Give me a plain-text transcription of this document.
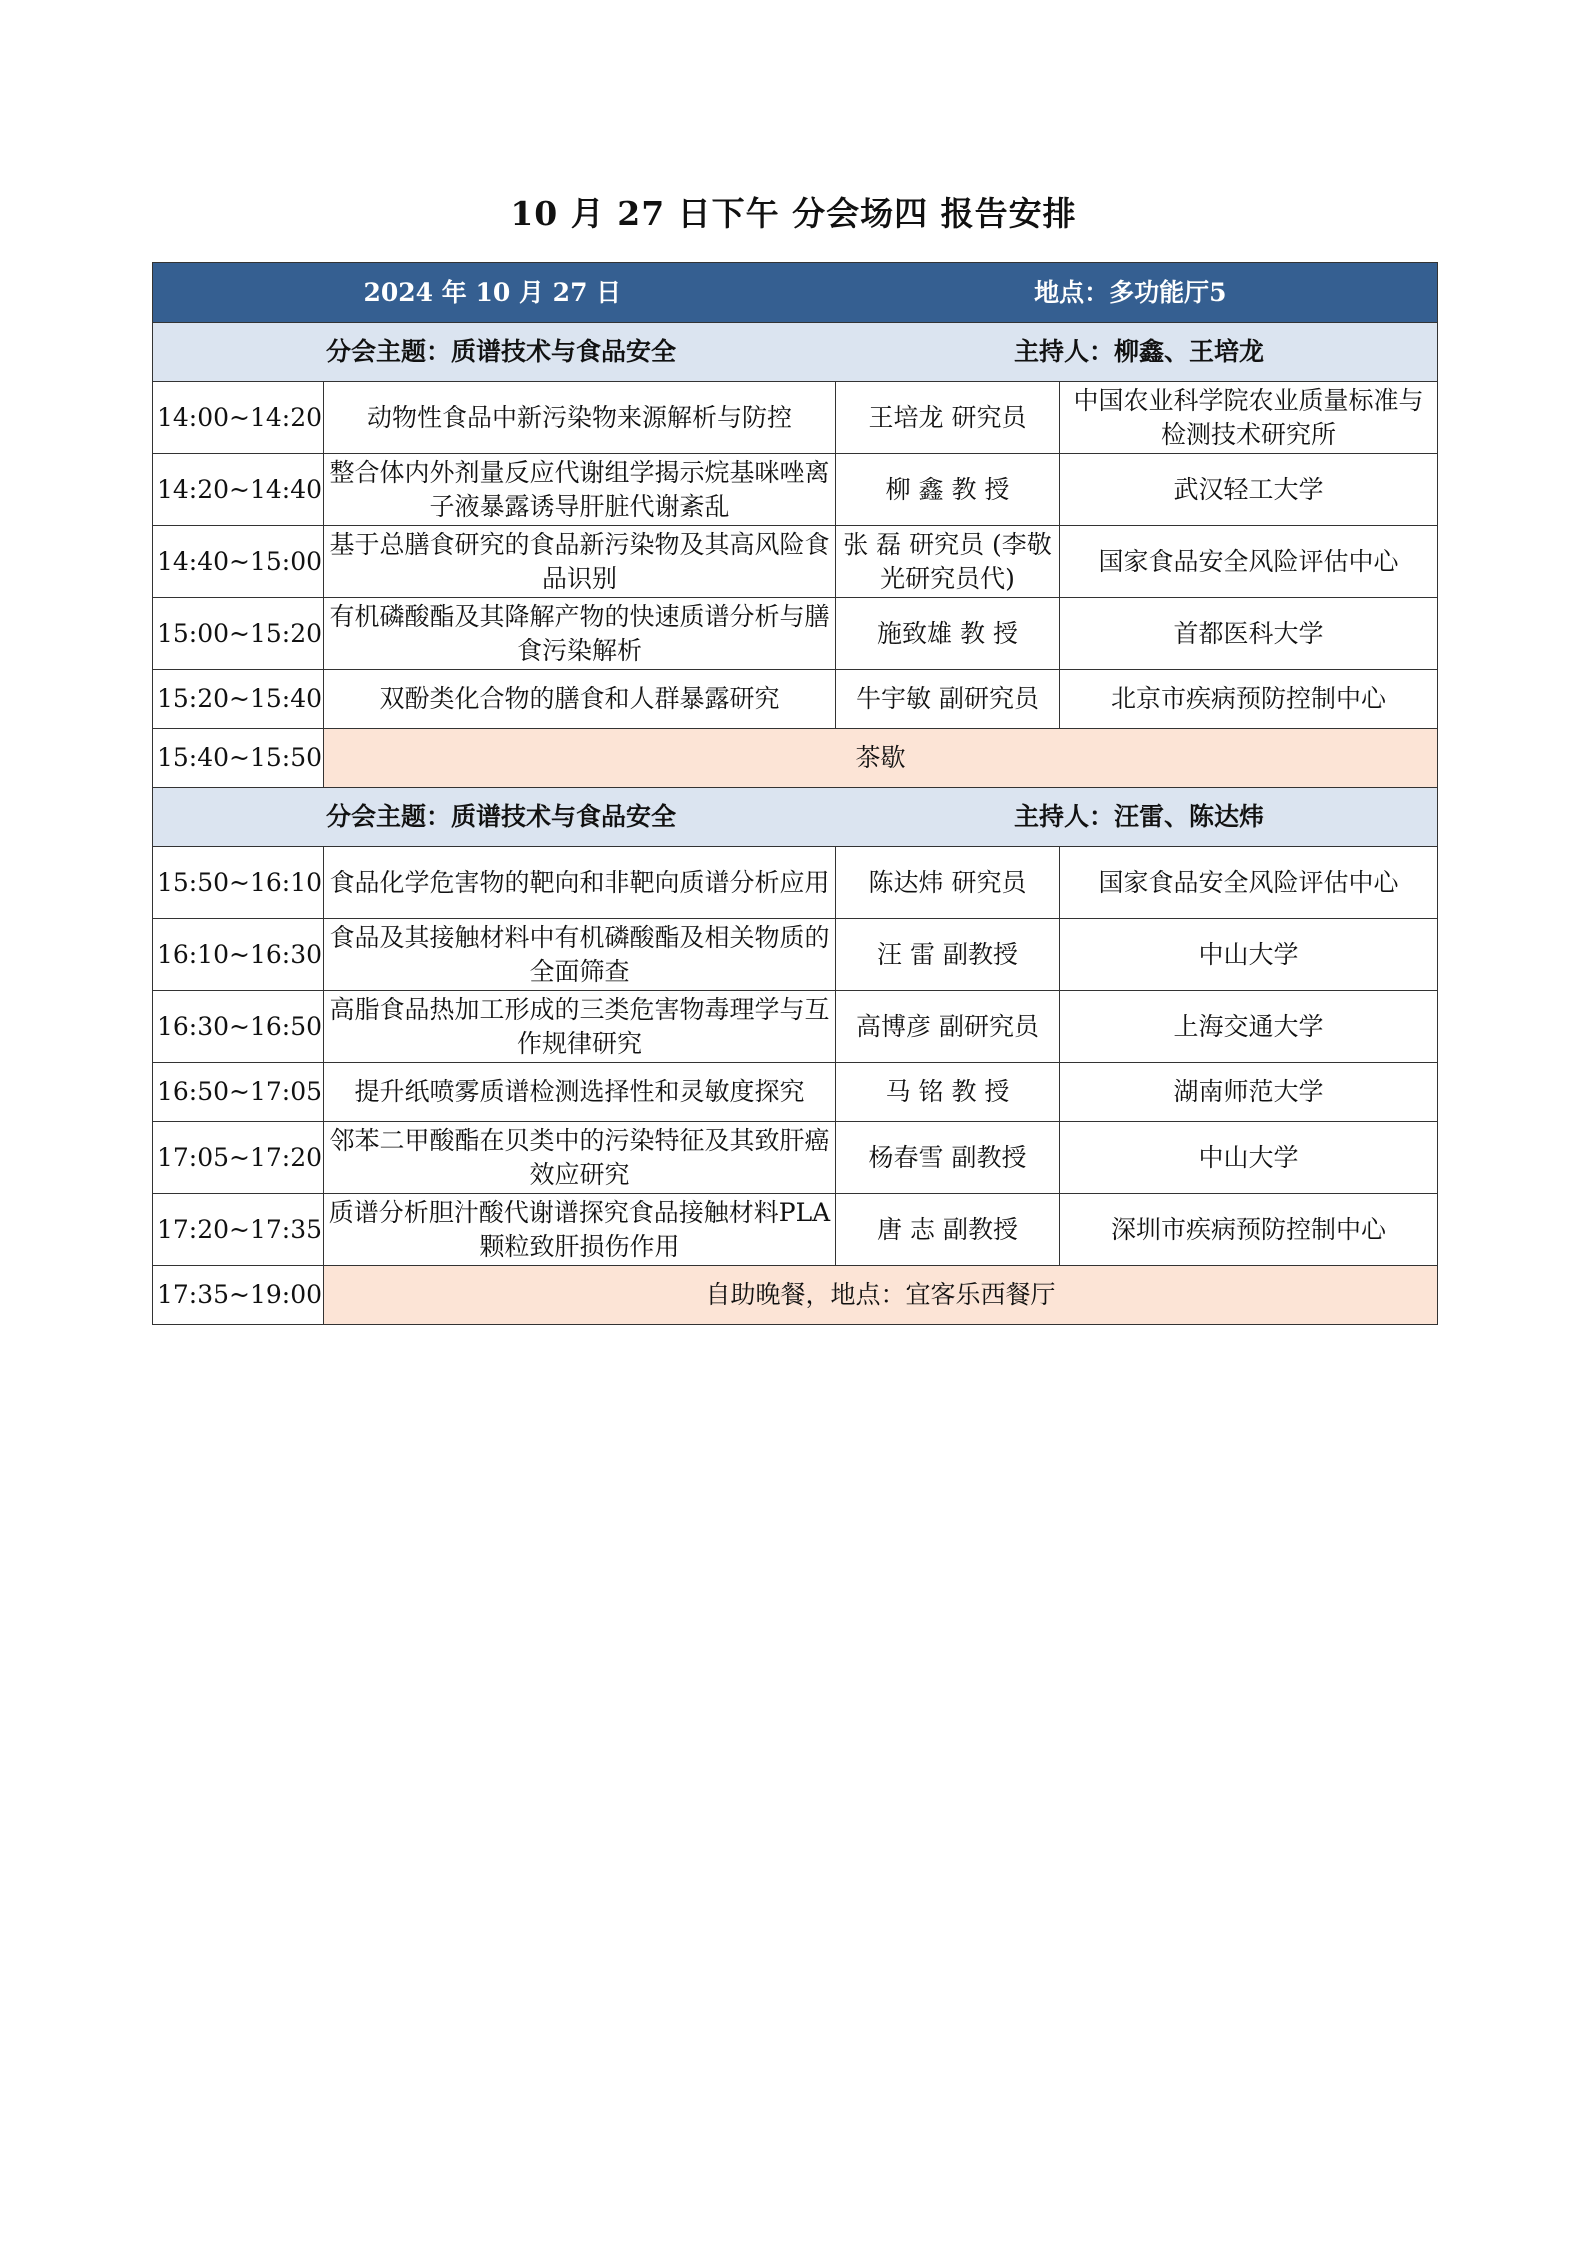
10 月 27 日下午 分会场四 报告安排
2024 年 10 月 27 日 地点：多功能厅5			

分会主题：质谱技术与食品安全 主持人：柳鑫、王培龙			

14:00~14:20	动物性食品中新污染物来源解析与防控	王培龙 研究员	中国农业科学院农业质量标准与检测技术研究所
14:20~14:40	整合体内外剂量反应代谢组学揭示烷基咪唑离子液暴露诱导肝脏代谢紊乱	柳 鑫 教 授	武汉轻工大学
14:40~15:00	基于总膳食研究的食品新污染物及其高风险食品识别	张 磊 研究员 (李敬光研究员代)	国家食品安全风险评估中心
15:00~15:20	有机磷酸酯及其降解产物的快速质谱分析与膳食污染解析	施致雄 教 授	首都医科大学
15:20~15:40	双酚类化合物的膳食和人群暴露研究	牛宇敏 副研究员	北京市疾病预防控制中心
15:40~15:50	茶歇		

分会主题：质谱技术与食品安全 主持人：汪雷、陈达炜			

15:50~16:10	食品化学危害物的靶向和非靶向质谱分析应用	陈达炜 研究员	国家食品安全风险评估中心
16:10~16:30	食品及其接触材料中有机磷酸酯及相关物质的全面筛查	汪 雷 副教授	中山大学
16:30~16:50	高脂食品热加工形成的三类危害物毒理学与互作规律研究	高博彦 副研究员	上海交通大学
16:50~17:05	提升纸喷雾质谱检测选择性和灵敏度探究	马 铭 教 授	湖南师范大学
17:05~17:20	邻苯二甲酸酯在贝类中的污染特征及其致肝癌效应研究	杨春雪 副教授	中山大学
17:20~17:35	质谱分析胆汁酸代谢谱探究食品接触材料PLA颗粒致肝损伤作用	唐 志 副教授	深圳市疾病预防控制中心
17:35~19:00	自助晚餐，地点：宜客乐西餐厅		
